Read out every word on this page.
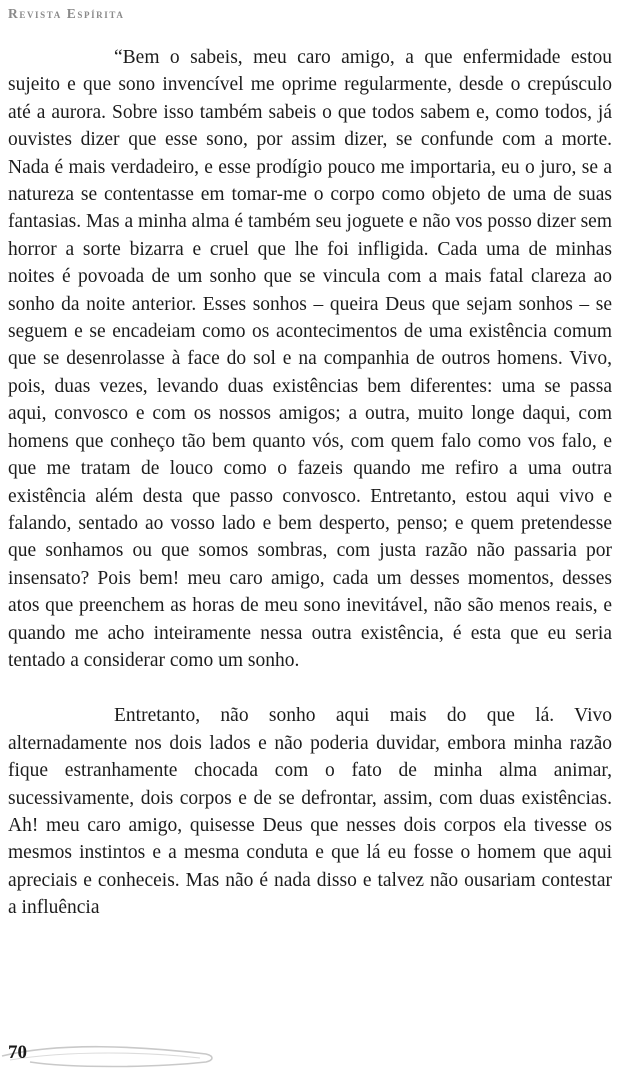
Revista Espírita

“Bem o sabeis, meu caro amigo, a que enfermidade estou sujeito e que sono invencível me oprime regularmente, desde o crepúsculo até a aurora. Sobre isso também sabeis o que todos sabem e, como todos, já ouvistes dizer que esse sono, por assim dizer, se confunde com a morte. Nada é mais verdadeiro, e esse prodígio pouco me importaria, eu o juro, se a natureza se contentasse em tomar-me o corpo como objeto de uma de suas fantasias. Mas a minha alma é também seu joguete e não vos posso dizer sem horror a sorte bizarra e cruel que lhe foi infligida. Cada uma de minhas noites é povoada de um sonho que se vincula com a mais fatal clareza ao sonho da noite anterior. Esses sonhos – queira Deus que sejam sonhos – se seguem e se encadeiam como os acontecimentos de uma existência comum que se desenrolasse à face do sol e na companhia de outros homens. Vivo, pois, duas vezes, levando duas existências bem diferentes: uma se passa aqui, convosco e com os nossos amigos; a outra, muito longe daqui, com homens que conheço tão bem quanto vós, com quem falo como vos falo, e que me tratam de louco como o fazeis quando me refiro a uma outra existência além desta que passo convosco. Entretanto, estou aqui vivo e falando, sentado ao vosso lado e bem desperto, penso; e quem pretendesse que sonhamos ou que somos sombras, com justa razão não passaria por insensato? Pois bem! meu caro amigo, cada um desses momentos, desses atos que preenchem as horas de meu sono inevitável, não são menos reais, e quando me acho inteiramente nessa outra existência, é esta que eu seria tentado a considerar como um sonho.

Entretanto, não sonho aqui mais do que lá. Vivo alternadamente nos dois lados e não poderia duvidar, embora minha razão fique estranhamente chocada com o fato de minha alma animar, sucessivamente, dois corpos e de se defrontar, assim, com duas existências. Ah! meu caro amigo, quisesse Deus que nesses dois corpos ela tivesse os mesmos instintos e a mesma conduta e que lá eu fosse o homem que aqui apreciais e conheceis. Mas não é nada disso e talvez não ousariam contestar a influência

70
